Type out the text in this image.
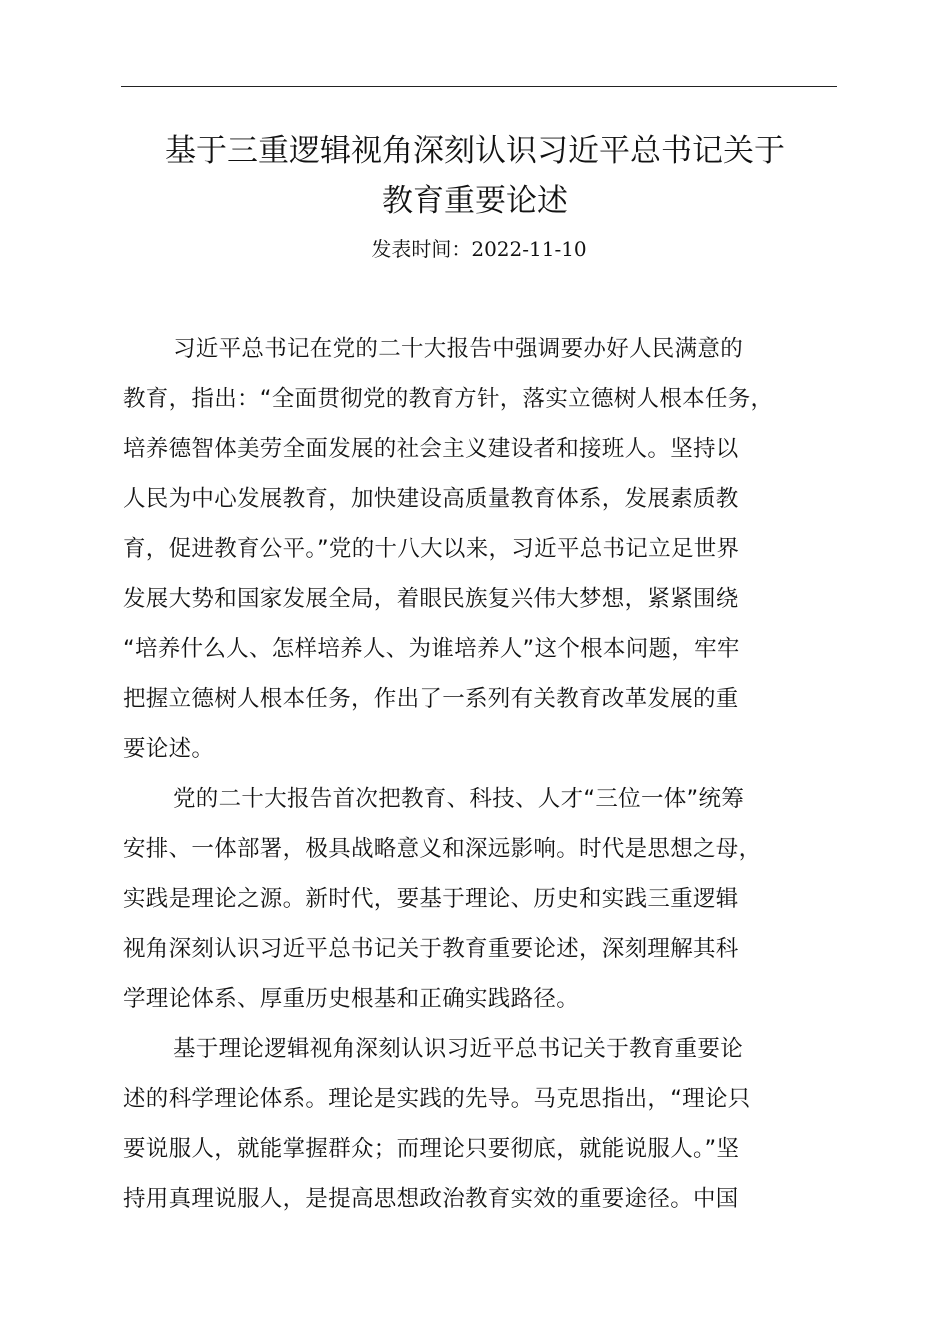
基于三重逻辑视角深刻认识习近平总书记关于
教育重要论述
发表时间：2022-11-10
习近平总书记在党的二十大报告中强调要办好人民满意的
教育，指出：“全面贯彻党的教育方针，落实立德树人根本任务，
培养德智体美劳全面发展的社会主义建设者和接班人。坚持以
人民为中心发展教育，加快建设高质量教育体系，发展素质教
育，促进教育公平。”党的十八大以来，习近平总书记立足世界
发展大势和国家发展全局，着眼民族复兴伟大梦想，紧紧围绕
“培养什么人、怎样培养人、为谁培养人”这个根本问题，牢牢
把握立德树人根本任务，作出了一系列有关教育改革发展的重
要论述。
党的二十大报告首次把教育、科技、人才“三位一体”统筹
安排、一体部署，极具战略意义和深远影响。时代是思想之母，
实践是理论之源。新时代，要基于理论、历史和实践三重逻辑
视角深刻认识习近平总书记关于教育重要论述，深刻理解其科
学理论体系、厚重历史根基和正确实践路径。
基于理论逻辑视角深刻认识习近平总书记关于教育重要论
述的科学理论体系。理论是实践的先导。马克思指出，“理论只
要说服人，就能掌握群众；而理论只要彻底，就能说服人。”坚
持用真理说服人，是提高思想政治教育实效的重要途径。中国
